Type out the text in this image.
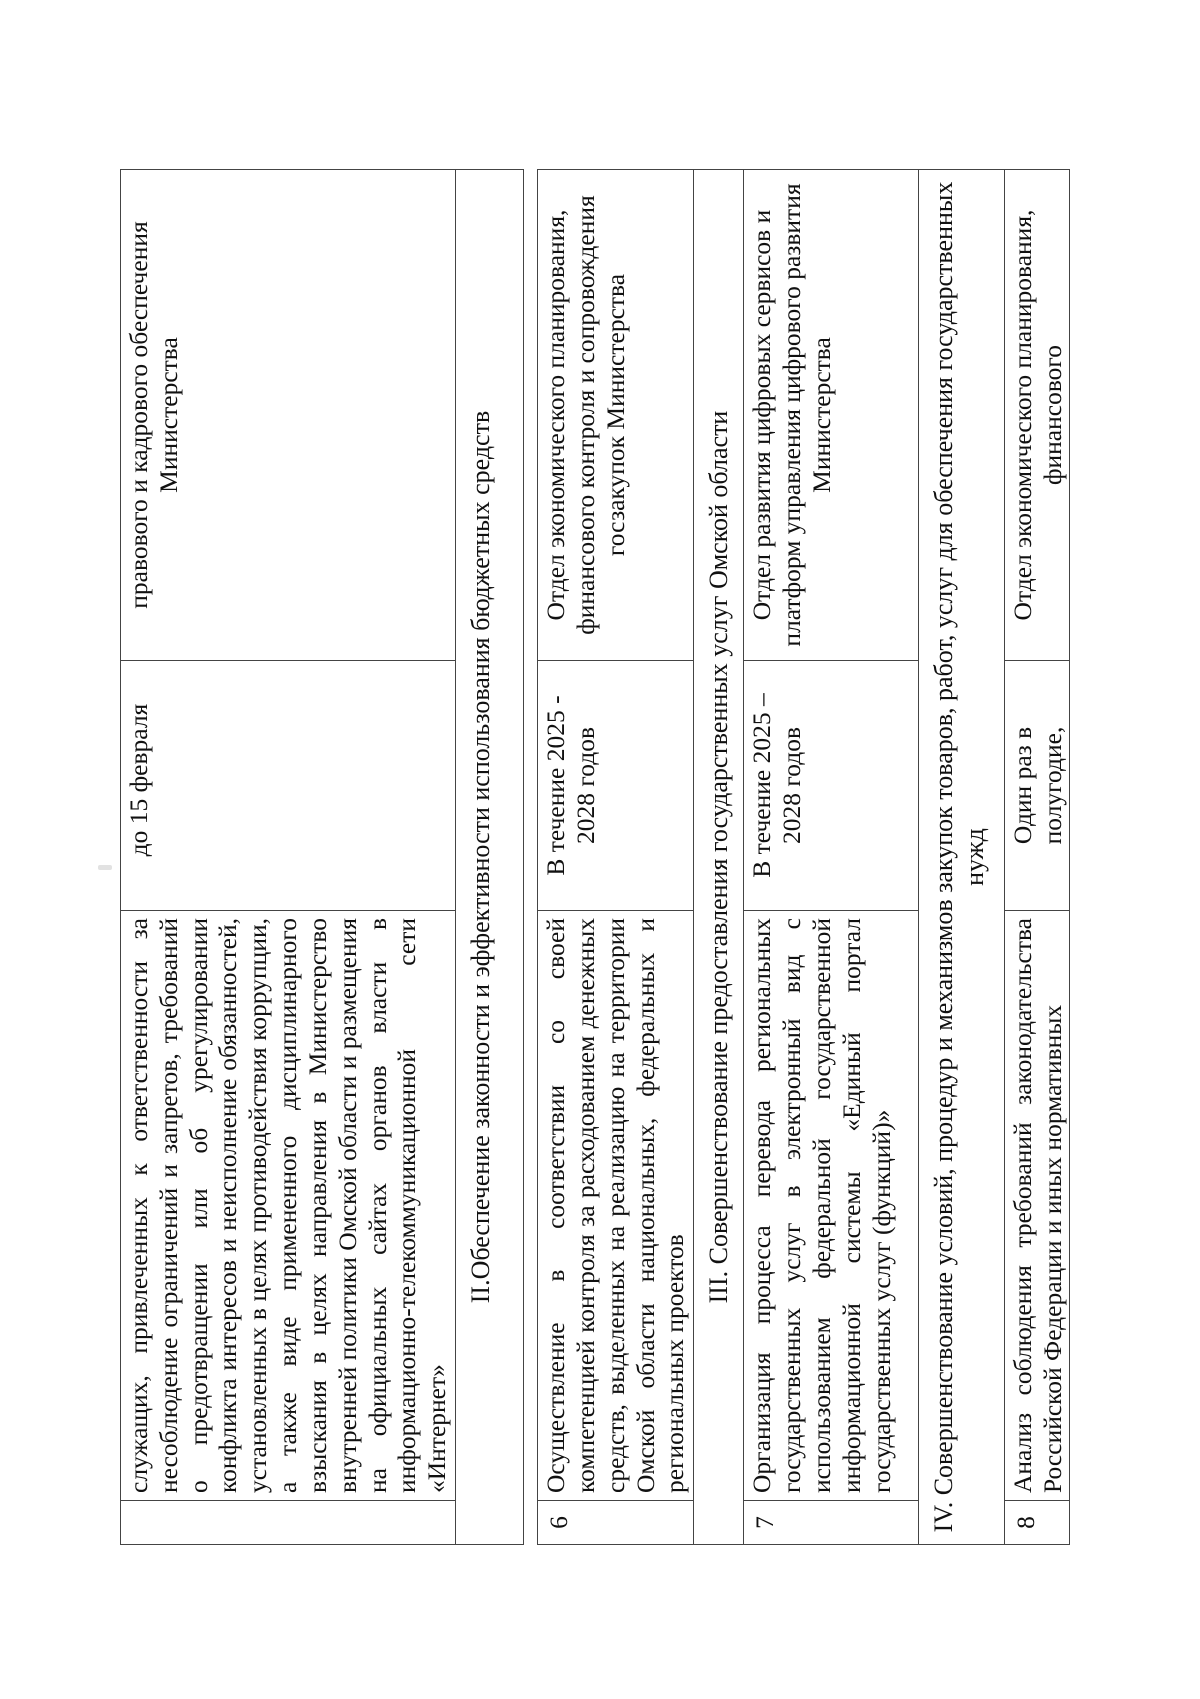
	служащих, привлеченных к ответственности за несоблюдение ограничений и запретов, требований о предотвращении или об урегулировании конфликта интересов и неисполнение обязанностей, установленных в целях противодействия коррупции, а также виде примененного дисциплинарного взыскания в целях направления в Министерство внутренней политики Омской области и размещения на официальных сайтах органов власти в информационно-телекоммуникационной сети «Интернет»	до 15 февраля	правового и кадрового обеспечения Министерства
II.Обеспечение законности и эффективности использования бюджетных средств			

6	Осуществление в соответствии со своей компетенцией контроля за расходованием денежных средств, выделенных на реализацию на территории Омской области национальных, федеральных и региональных проектов	В течение 2025 - 2028 годов	Отдел экономического планирования, финансового контроля и сопровождения госзакупок Министерства
III. Совершенствование предоставления государственных услуг Омской области			
7	Организация процесса перевода региональных государственных услуг в электронный вид с использованием федеральной государственной информационной системы «Единый портал государственных услуг (функций)»	В течение 2025 – 2028 годов	Отдел развития цифровых сервисов и платформ управления цифрового развития Министерства
IV. Совершенствование условий, процедур и механизмов закупок товаров, работ, услуг для обеспечения государственных нужд			

8	Анализ соблюдения требований законодательства Российской Федерации и иных нормативных	Один раз в полугодие,	Отдел экономического планирования, финансового
